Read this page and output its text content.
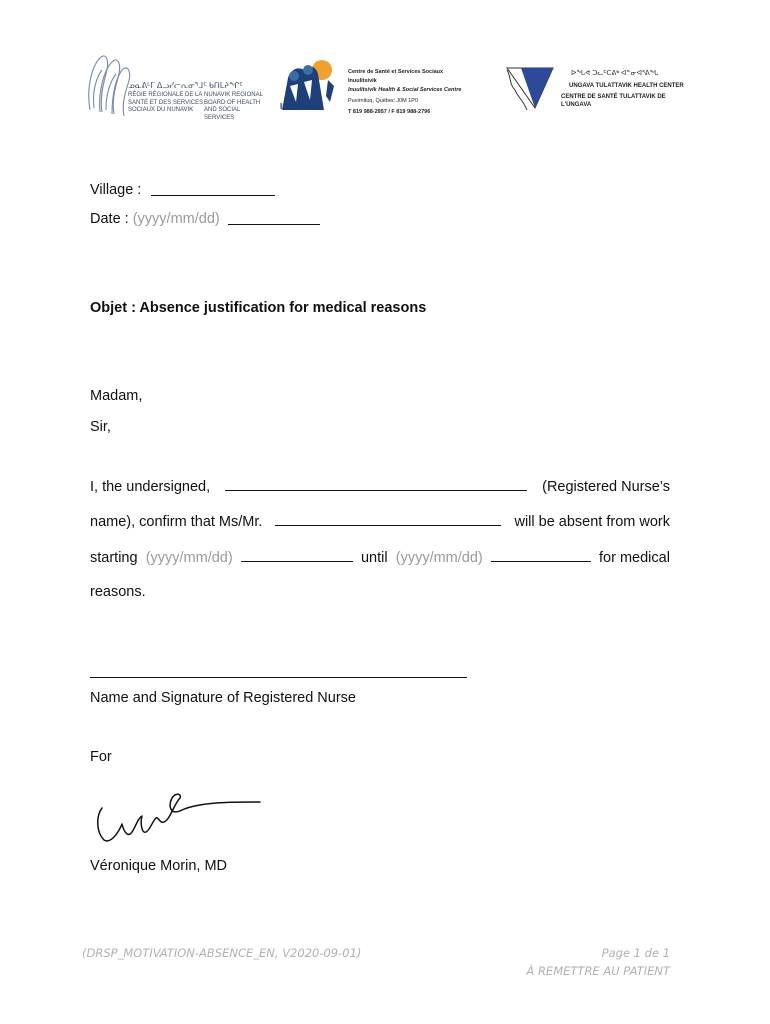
ᓄᓇᕕᒻᒥ ᐃᓗᓯᓕᕆᓂᕐᒧᑦ ᑲᑎᒪᔨᖏᑦ
RÉGIE RÉGIONALE DE LA
SANTÉ ET DES SERVICES
SOCIAUX DU NUNAVIK
NUNAVIK REGIONAL
BOARD OF HEALTH
AND SOCIAL SERVICES
Inuulitsivik
Centre de Santé et Services Sociaux Inuulitsivik
Inuulitsivik Health & Social Services Centre
Puvirnituq, Québec J0M 1P0
T 819 988-2957 / F 819 988-2796
ᐅᖓᕙ ᑐᓚᑦᑕᕕᒃ ᐋᓐᓂᐊᕐᕕᖓ
UNGAVA TULATTAVIK HEALTH CENTER
CENTRE DE SANTÉ TULATTAVIK DE L'UNGAVA
Village :
Date : (yyyy/mm/dd)
Objet : Absence justification for medical reasons
Madam,
Sir,
I, the undersigned,	(Registered Nurse’s
name), confirm that Ms/Mr.	will be absent from work
starting (yyyy/mm/dd)	until (yyyy/mm/dd)	for medical
reasons.
Name and Signature of Registered Nurse
For
Véronique Morin, MD
(DRSP_MOTIVATION-ABSENCE_EN, V2020-09-01)	Page 1 de 1
À REMETTRE AU PATIENT
